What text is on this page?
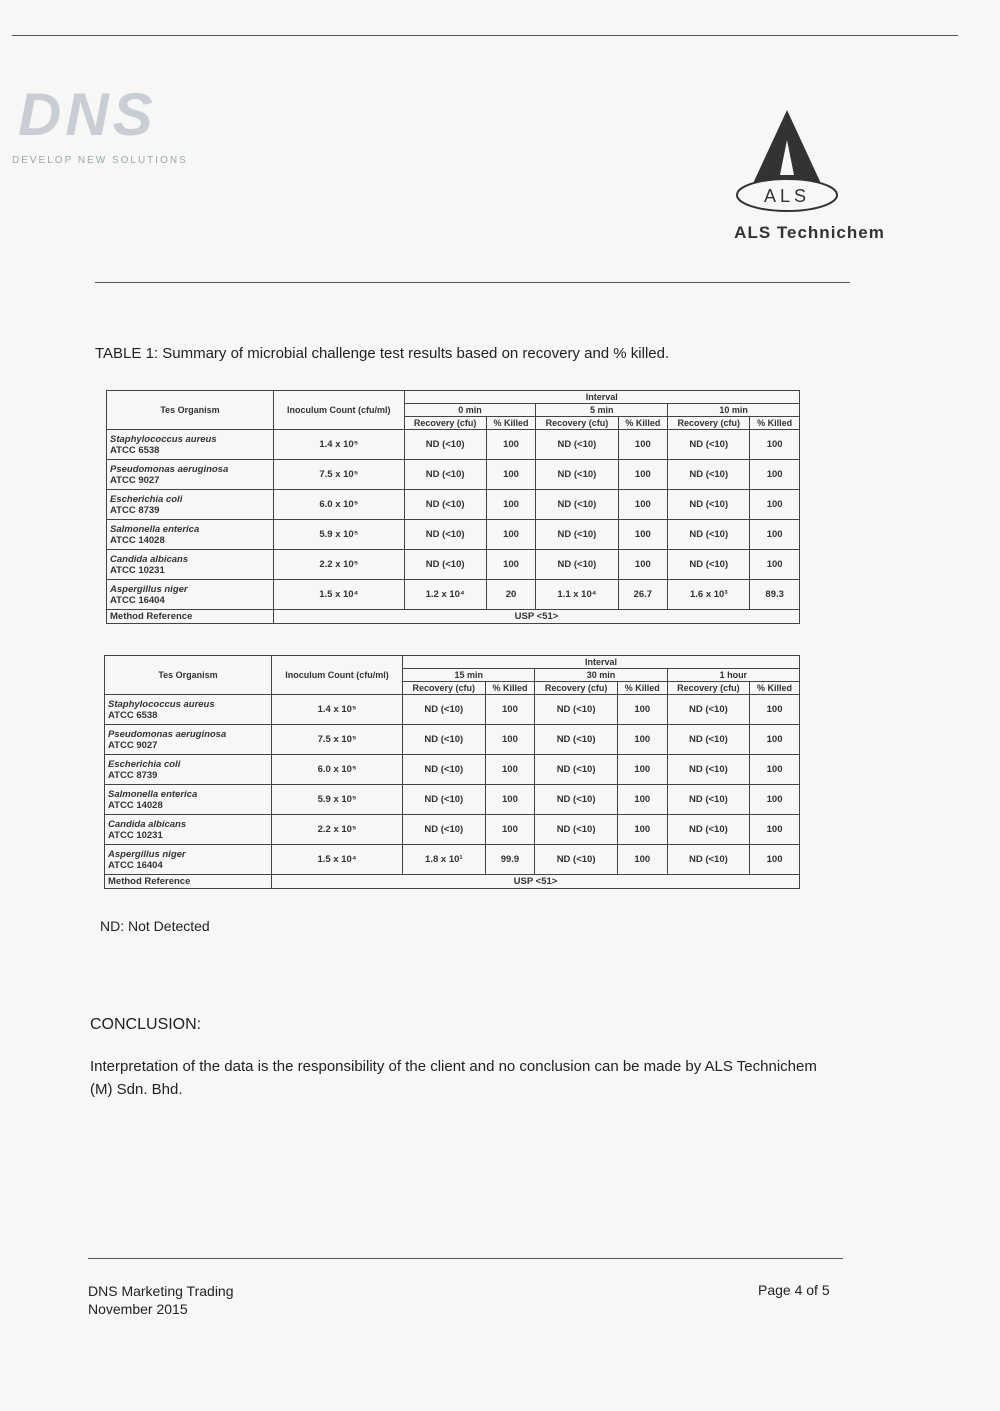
DNS
DEVELOP NEW SOLUTIONS
ALS
ALS Technichem
TABLE 1: Summary of microbial challenge test results based on recovery and % killed.
Tes Organism	Inoculum Count (cfu/ml)	Interval					
		0 min		5 min		10 min	
		Recovery (cfu)	% Killed	Recovery (cfu)	% Killed	Recovery (cfu)	% Killed

Staphylococcus aureus
ATCC 6538	1.4 x 10⁵	ND (<10)	100	ND (<10)	100	ND (<10)	100

Pseudomonas aeruginosa
ATCC 9027	7.5 x 10⁵	ND (<10)	100	ND (<10)	100	ND (<10)	100

Escherichia coli
ATCC 8739	6.0 x 10⁵	ND (<10)	100	ND (<10)	100	ND (<10)	100

Salmonella enterica
ATCC 14028	5.9 x 10⁵	ND (<10)	100	ND (<10)	100	ND (<10)	100

Candida albicans
ATCC 10231	2.2 x 10⁵	ND (<10)	100	ND (<10)	100	ND (<10)	100

Aspergillus niger
ATCC 16404	1.5 x 10⁴	1.2 x 10⁴	20	1.1 x 10⁴	26.7	1.6 x 10³	89.3
Method Reference	USP <51>						
Tes Organism	Inoculum Count (cfu/ml)	Interval					
		15 min		30 min		1 hour	
		Recovery (cfu)	% Killed	Recovery (cfu)	% Killed	Recovery (cfu)	% Killed

Staphylococcus aureus
ATCC 6538	1.4 x 10⁵	ND (<10)	100	ND (<10)	100	ND (<10)	100

Pseudomonas aeruginosa
ATCC 9027	7.5 x 10⁵	ND (<10)	100	ND (<10)	100	ND (<10)	100

Escherichia coli
ATCC 8739	6.0 x 10⁵	ND (<10)	100	ND (<10)	100	ND (<10)	100

Salmonella enterica
ATCC 14028	5.9 x 10⁵	ND (<10)	100	ND (<10)	100	ND (<10)	100

Candida albicans
ATCC 10231	2.2 x 10⁵	ND (<10)	100	ND (<10)	100	ND (<10)	100

Aspergillus niger
ATCC 16404	1.5 x 10⁴	1.8 x 10¹	99.9	ND (<10)	100	ND (<10)	100
Method Reference	USP <51>						
ND: Not Detected
CONCLUSION:
Interpretation of the data is the responsibility of the client and no conclusion can be made by ALS Technichem (M) Sdn. Bhd.
DNS Marketing Trading
November 2015
Page 4 of 5
